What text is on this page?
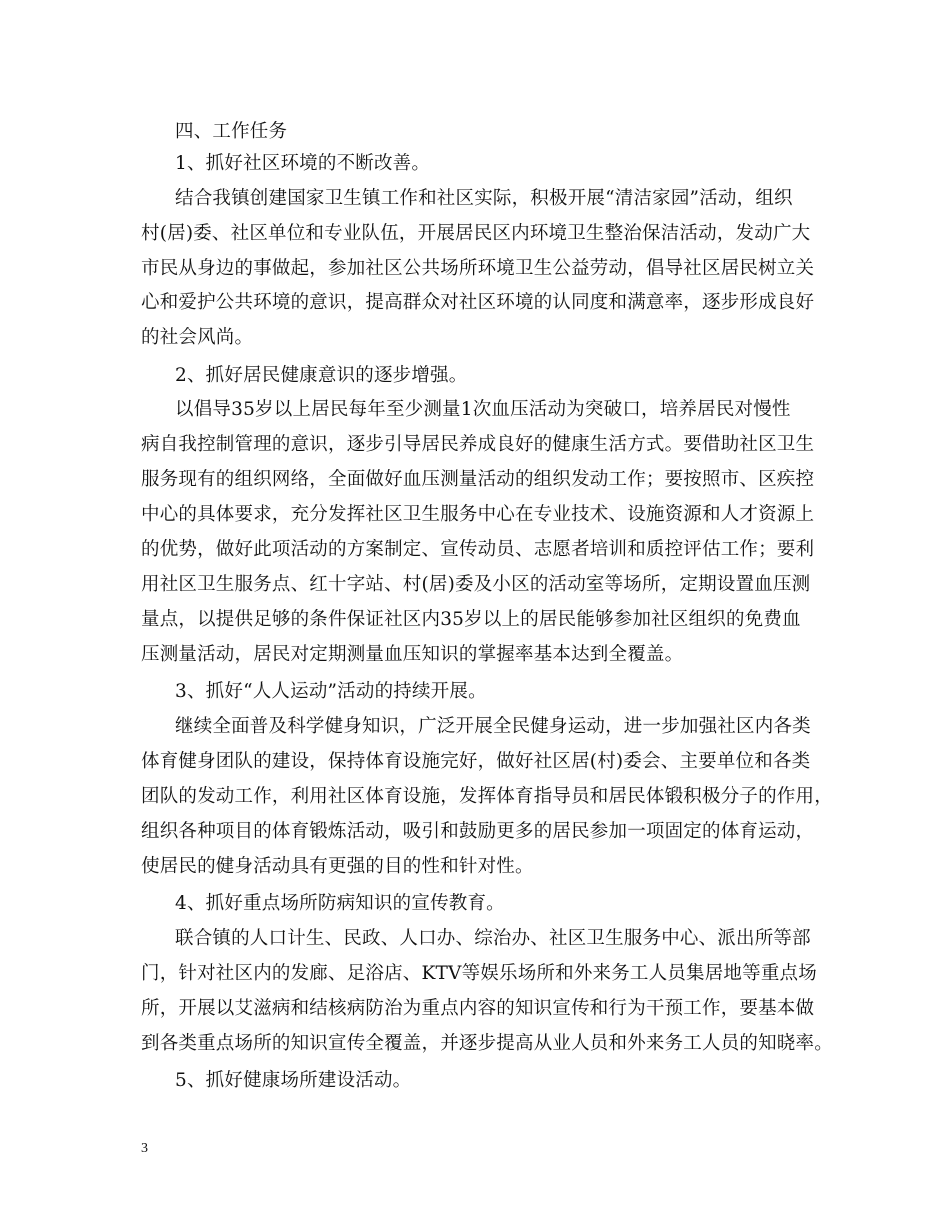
四、工作任务
1、抓好社区环境的不断改善。
结合我镇创建国家卫生镇工作和社区实际，积极开展“清洁家园”活动，组织
村(居)委、社区单位和专业队伍，开展居民区内环境卫生整治保洁活动，发动广大
市民从身边的事做起，参加社区公共场所环境卫生公益劳动，倡导社区居民树立关
心和爱护公共环境的意识，提高群众对社区环境的认同度和满意率，逐步形成良好
的社会风尚。
2、抓好居民健康意识的逐步增强。
以倡导35岁以上居民每年至少测量1次血压活动为突破口，培养居民对慢性
病自我控制管理的意识，逐步引导居民养成良好的健康生活方式。要借助社区卫生
服务现有的组织网络，全面做好血压测量活动的组织发动工作；要按照市、区疾控
中心的具体要求，充分发挥社区卫生服务中心在专业技术、设施资源和人才资源上
的优势，做好此项活动的方案制定、宣传动员、志愿者培训和质控评估工作；要利
用社区卫生服务点、红十字站、村(居)委及小区的活动室等场所，定期设置血压测
量点，以提供足够的条件保证社区内35岁以上的居民能够参加社区组织的免费血
压测量活动，居民对定期测量血压知识的掌握率基本达到全覆盖。
3、抓好“人人运动”活动的持续开展。
继续全面普及科学健身知识，广泛开展全民健身运动，进一步加强社区内各类
体育健身团队的建设，保持体育设施完好，做好社区居(村)委会、主要单位和各类
团队的发动工作，利用社区体育设施，发挥体育指导员和居民体锻积极分子的作用，
组织各种项目的体育锻炼活动，吸引和鼓励更多的居民参加一项固定的体育运动，
使居民的健身活动具有更强的目的性和针对性。
4、抓好重点场所防病知识的宣传教育。
联合镇的人口计生、民政、人口办、综治办、社区卫生服务中心、派出所等部
门，针对社区内的发廊、足浴店、KTV等娱乐场所和外来务工人员集居地等重点场
所，开展以艾滋病和结核病防治为重点内容的知识宣传和行为干预工作，要基本做
到各类重点场所的知识宣传全覆盖，并逐步提高从业人员和外来务工人员的知晓率。
5、抓好健康场所建设活动。
3
